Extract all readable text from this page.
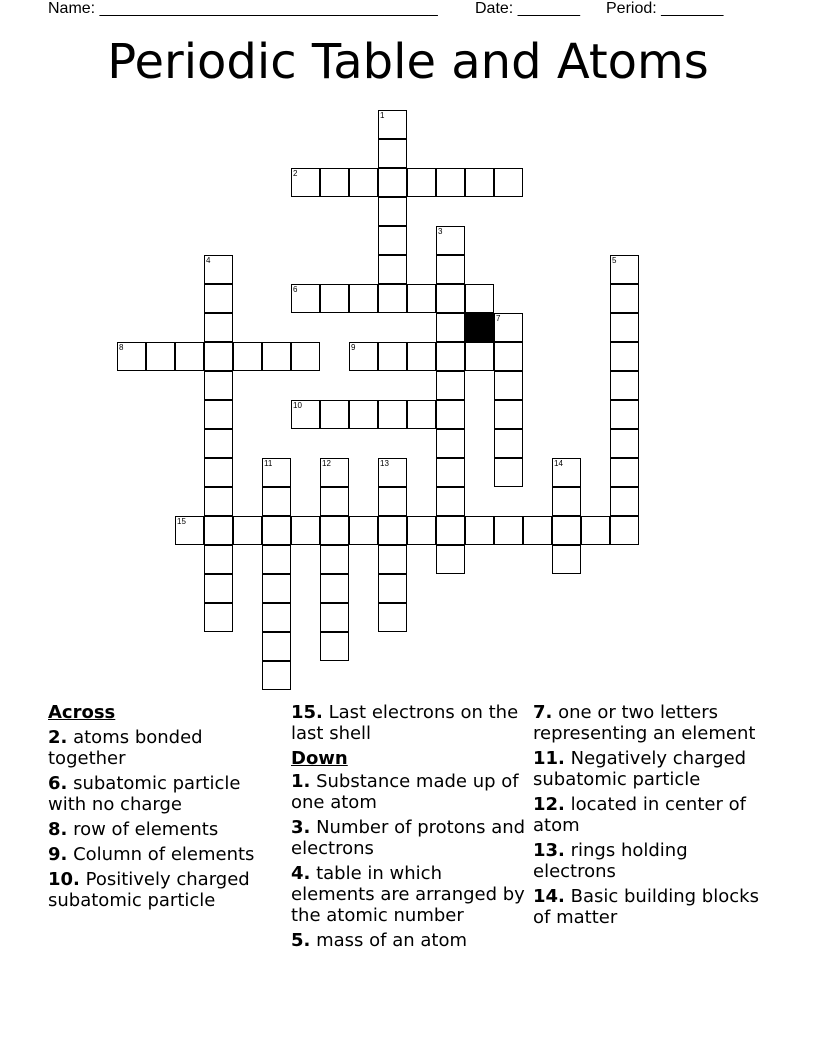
Name: ______________________________________ Date: _______ Period: _______
Periodic Table and Atoms
1
2
3
4	5
6
7
8	9
10
11	12	13	14
15
Across
2. atoms bonded together
6. subatomic particle with no charge
8. row of elements
9. Column of elements
10. Positively charged subatomic particle
15. Last electrons on the last shell
Down
1. Substance made up of one atom
3. Number of protons and electrons
4. table in which elements are arranged by the atomic number
5. mass of an atom
7. one or two letters representing an element
11. Negatively charged subatomic particle
12. located in center of atom
13. rings holding electrons
14. Basic building blocks of matter
